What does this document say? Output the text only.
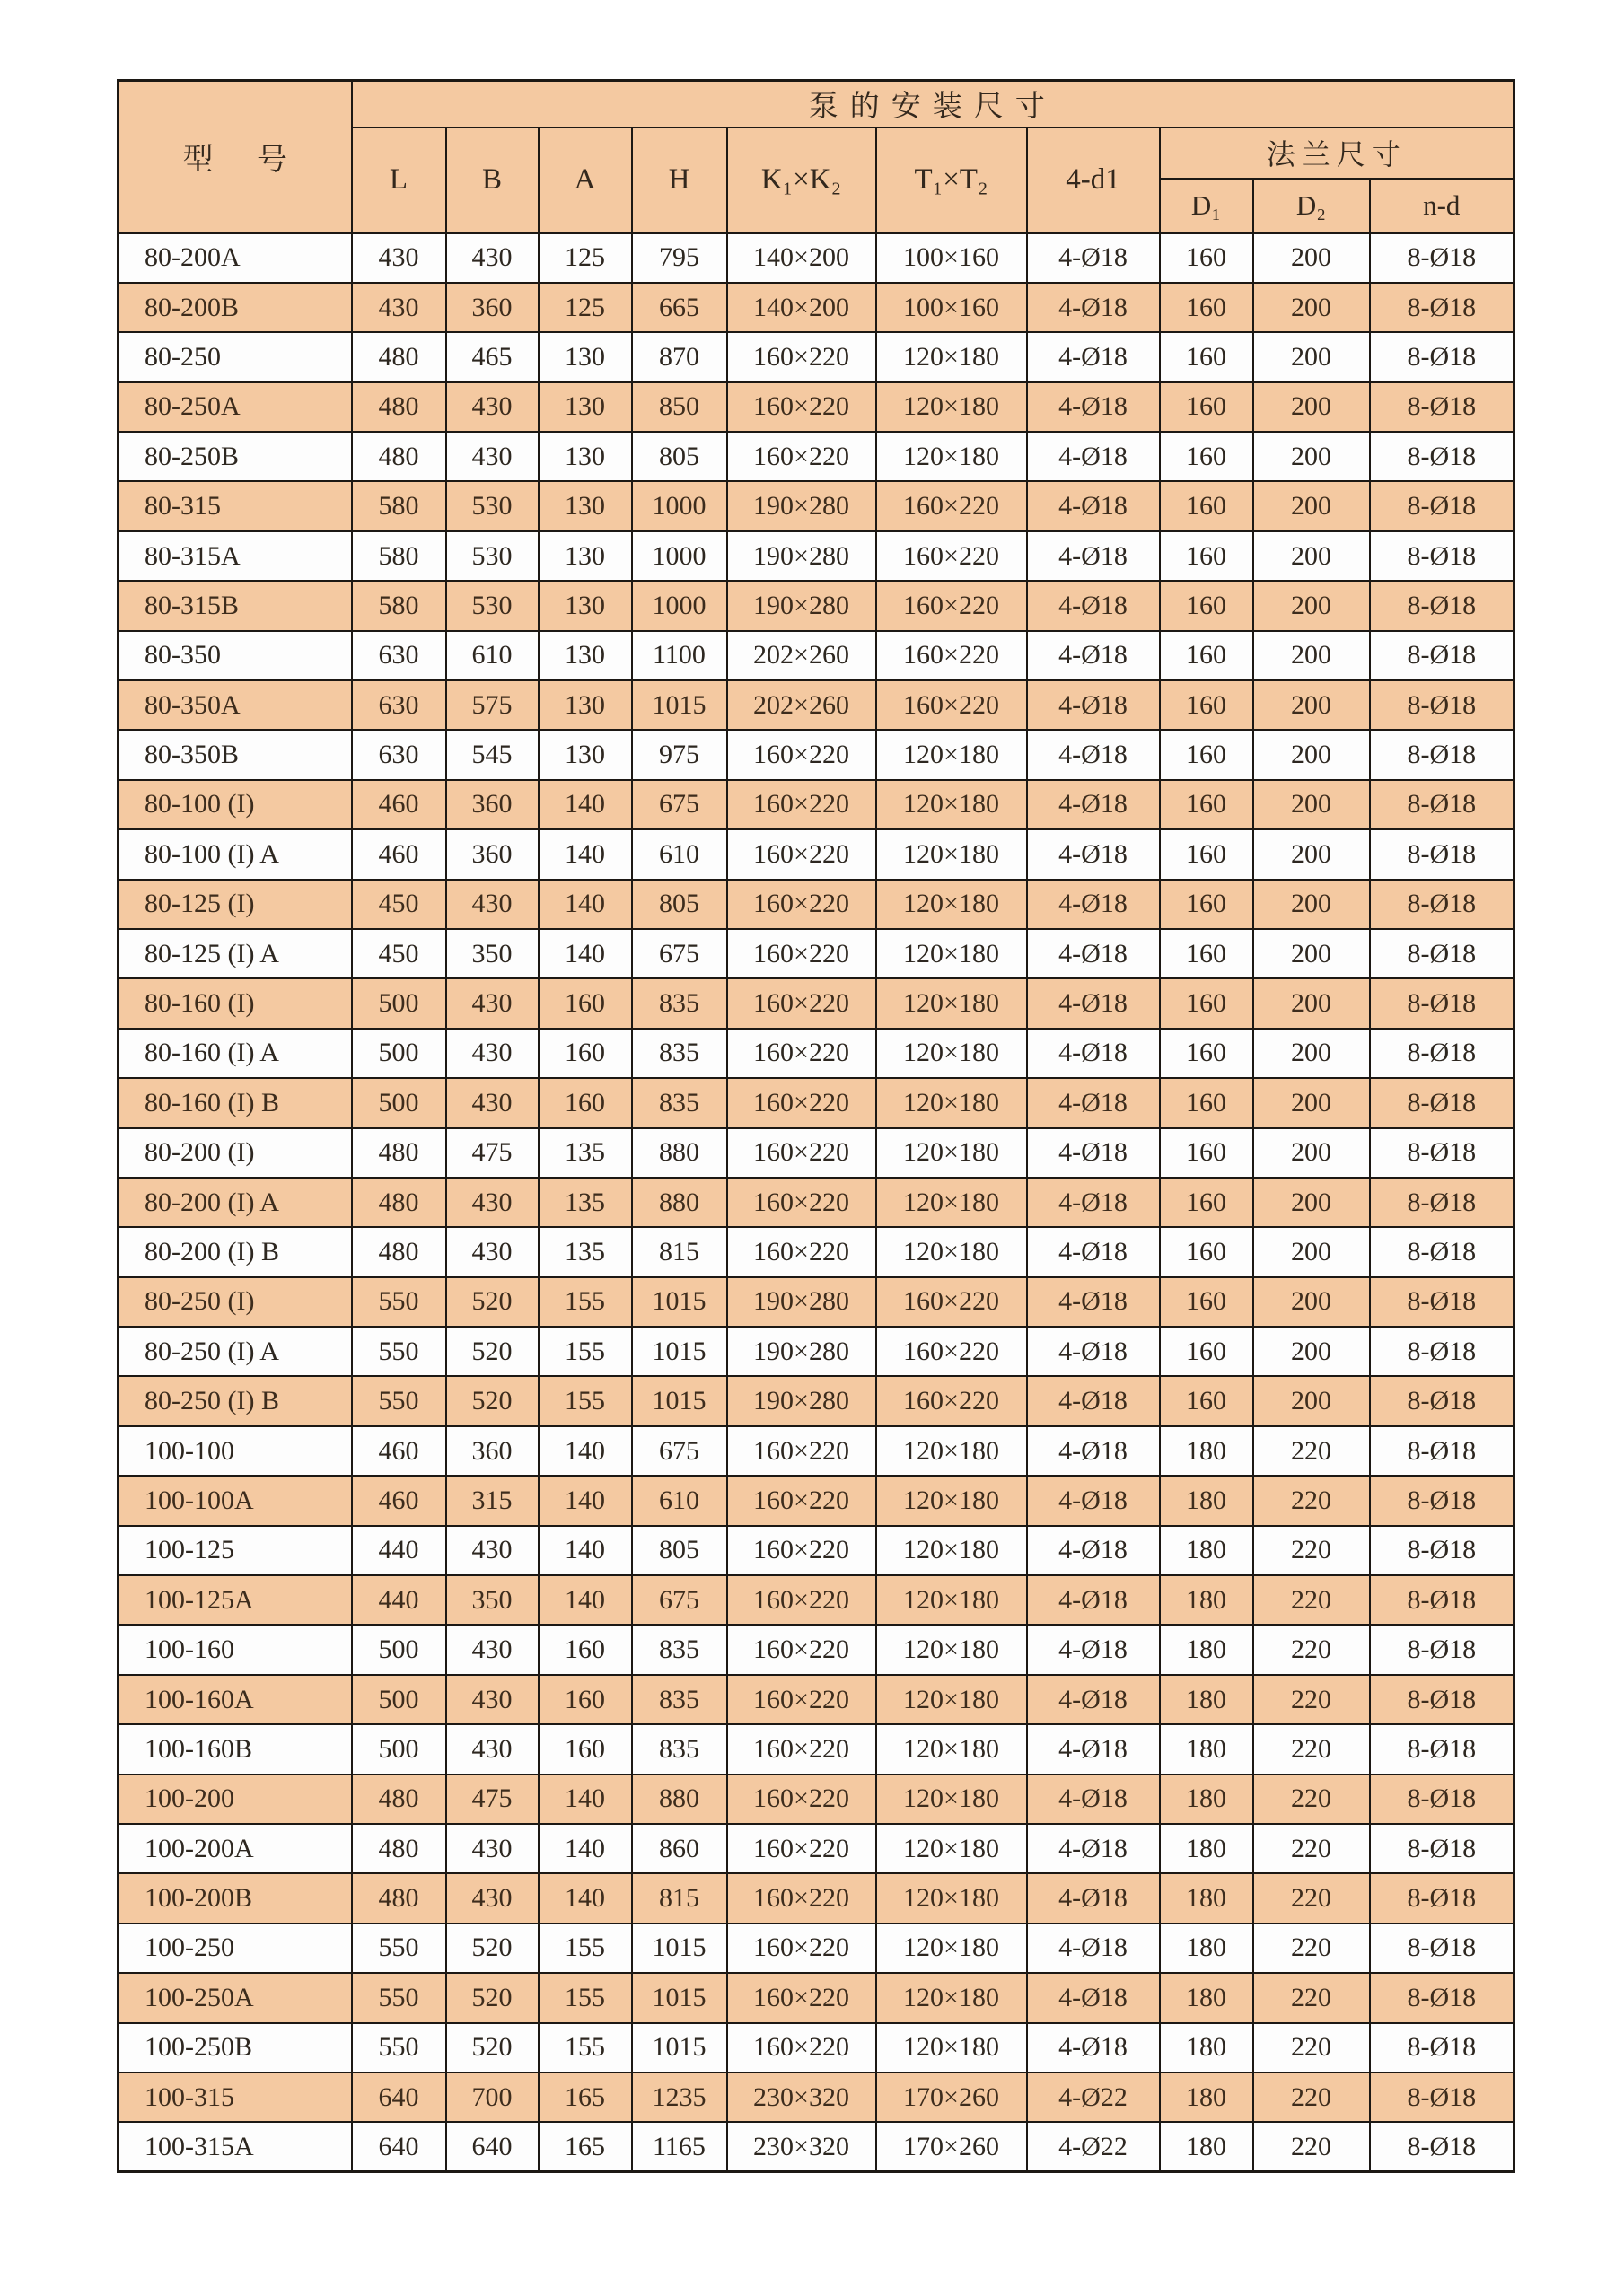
型 号	泵的安装尺寸									
	L	B	A	H	K₁×K₂	T₁×T₂	4-d1	法兰尺寸		
								D₁	D₂	n-d
80-200A	430	430	125	795	140×200	100×160	4-Ø18	160	200	8-Ø18
80-200B	430	360	125	665	140×200	100×160	4-Ø18	160	200	8-Ø18
80-250	480	465	130	870	160×220	120×180	4-Ø18	160	200	8-Ø18
80-250A	480	430	130	850	160×220	120×180	4-Ø18	160	200	8-Ø18
80-250B	480	430	130	805	160×220	120×180	4-Ø18	160	200	8-Ø18
80-315	580	530	130	1000	190×280	160×220	4-Ø18	160	200	8-Ø18
80-315A	580	530	130	1000	190×280	160×220	4-Ø18	160	200	8-Ø18
80-315B	580	530	130	1000	190×280	160×220	4-Ø18	160	200	8-Ø18
80-350	630	610	130	1100	202×260	160×220	4-Ø18	160	200	8-Ø18
80-350A	630	575	130	1015	202×260	160×220	4-Ø18	160	200	8-Ø18
80-350B	630	545	130	975	160×220	120×180	4-Ø18	160	200	8-Ø18
80-100 (I)	460	360	140	675	160×220	120×180	4-Ø18	160	200	8-Ø18
80-100 (I) A	460	360	140	610	160×220	120×180	4-Ø18	160	200	8-Ø18
80-125 (I)	450	430	140	805	160×220	120×180	4-Ø18	160	200	8-Ø18
80-125 (I) A	450	350	140	675	160×220	120×180	4-Ø18	160	200	8-Ø18
80-160 (I)	500	430	160	835	160×220	120×180	4-Ø18	160	200	8-Ø18
80-160 (I) A	500	430	160	835	160×220	120×180	4-Ø18	160	200	8-Ø18
80-160 (I) B	500	430	160	835	160×220	120×180	4-Ø18	160	200	8-Ø18
80-200 (I)	480	475	135	880	160×220	120×180	4-Ø18	160	200	8-Ø18
80-200 (I) A	480	430	135	880	160×220	120×180	4-Ø18	160	200	8-Ø18
80-200 (I) B	480	430	135	815	160×220	120×180	4-Ø18	160	200	8-Ø18
80-250 (I)	550	520	155	1015	190×280	160×220	4-Ø18	160	200	8-Ø18
80-250 (I) A	550	520	155	1015	190×280	160×220	4-Ø18	160	200	8-Ø18
80-250 (I) B	550	520	155	1015	190×280	160×220	4-Ø18	160	200	8-Ø18
100-100	460	360	140	675	160×220	120×180	4-Ø18	180	220	8-Ø18
100-100A	460	315	140	610	160×220	120×180	4-Ø18	180	220	8-Ø18
100-125	440	430	140	805	160×220	120×180	4-Ø18	180	220	8-Ø18
100-125A	440	350	140	675	160×220	120×180	4-Ø18	180	220	8-Ø18
100-160	500	430	160	835	160×220	120×180	4-Ø18	180	220	8-Ø18
100-160A	500	430	160	835	160×220	120×180	4-Ø18	180	220	8-Ø18
100-160B	500	430	160	835	160×220	120×180	4-Ø18	180	220	8-Ø18
100-200	480	475	140	880	160×220	120×180	4-Ø18	180	220	8-Ø18
100-200A	480	430	140	860	160×220	120×180	4-Ø18	180	220	8-Ø18
100-200B	480	430	140	815	160×220	120×180	4-Ø18	180	220	8-Ø18
100-250	550	520	155	1015	160×220	120×180	4-Ø18	180	220	8-Ø18
100-250A	550	520	155	1015	160×220	120×180	4-Ø18	180	220	8-Ø18
100-250B	550	520	155	1015	160×220	120×180	4-Ø18	180	220	8-Ø18
100-315	640	700	165	1235	230×320	170×260	4-Ø22	180	220	8-Ø18
100-315A	640	640	165	1165	230×320	170×260	4-Ø22	180	220	8-Ø18
